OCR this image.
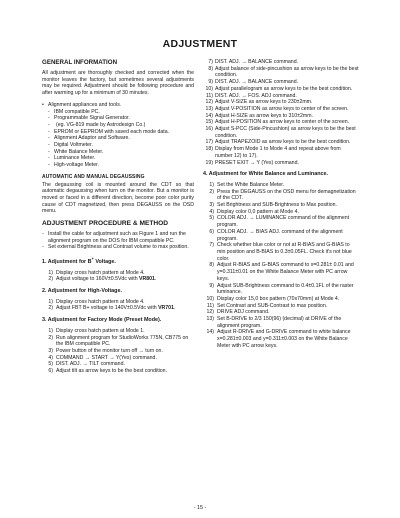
ADJUSTMENT
GENERAL INFORMATION

All adjustment are thoroughly checked and corrected when the monitor leaves the factory, but sometimes several adjustments may be required. Adjustment should be following procedure and after warming up for a minimum of 30 minutes.

• Alignment appliances and tools.
- IBM compatible PC.
- Programmable Signal Generator.
- (eg. VG-819 made by Astrodesign Co.)
- EPROM or EEPROM with saved each mode data.
- Alignment Adaptor and Software.
- Digital Voltmeter.
- White Balance Meter.
- Luminance Meter.
- High-voltage Meter.
AUTOMATIC AND MANUAL DEGAUSSING

The degaussing coil is mounted around the CDT so that automatic degaussing when turn on the monitor. But a monitor is moved or faced in a different direction, become poor color purity cause of CDT magnetized, then press DEGAUSS on the OSD menu.

ADJUSTMENT PROCEDURE & METHOD
- Install the cable for adjustment such as Figure 1 and run the alignment program on the DOS for IBM compatible PC.
- Set external Brightness and Contrast volume to max position.
1. Adjustment for B+ Voltage.
1) Display cross hatch pattern at Mode 4.
2) Adjust voltage to 160V±0.5Vdc with VR801.
2. Adjustment for High-Voltage.
1) Display cross hatch pattern at Mode 4.
2) Adjust FBT B+ voltage to 140V±0.5Vdc with VR701.
3. Adjustment for Factory Mode (Preset Mode).
1) Display cross hatch pattern at Mode 1.
2) Run alignment program for StudioWorks 775N, CB775 on the IBM compatible PC.
3) Power button of the monitor turn off → turn on.
4) COMMAND → START → Y(Yes) command.
5) DIST. ADJ. → TILT command.
6) Adjust tilt as arrow keys to be the best condition.
7) DIST. ADJ. → BALANCE command.
8) Adjust balance of side-pincushion as arrow keys to be the best condition.
9) DIST. ADJ. → BALANCE command.
10) Adjust parallelogram as arrow keys to be the best condition.
11) DIST. ADJ. → FOS. ADJ command.
12) Adjust V-SIZE as arrow keys to 230±2mm.
13) Adjust V-POSITION as arrow keys to center of the screen.
14) Adjust H-SIZE as arrow keys to 310±2mm.
15) Adjust H-POSITION as arrow keys to center of the screen.
16) Adjust S-PCC (Side-Pincushion) as arrow keys to be the best condition.
17) Adjust TRAPEZOID as arrow keys to be the best condition.
18) Display from Mode 1 to Mode 4 and repeat above from number 12) to 17).
19) PRESET EXIT → Y (Yes) command.
4. Adjustment for White Balance and Luminance.
1) Set the White Balance Meter.
2) Press the DEGAUSS on the OSD menu for demagnetization of the CDT.
3) Set Brightness and SUB-Brightness to Max position.
4) Display color 0,0 pattern at Mode 4.
5) COLOR ADJ. → LUMINANCE command of the alignment program.
6) COLOR ADJ. → BIAS ADJ. command of the alignment program.
7) Check whether blue color or not at R-BIAS and G-BIAS to min position and B-BIAS to 0.3±0.05FL. Check it's not blue color.
8) Adjust R-BIAS and G-BIAS command to x=0.281± 0.01 and y=0.311±0.01 on the White Balance Meter with PC arrow keys.
9) Adjust SUB-Brightness command to 0.4±0.1FL of the raster luminance.
10) Display color 15,0 box pattern (70x70mm) at Mode 4.
11) Set Contrast and SUB-Contrast to max position.
12) DRIVE ADJ command.
13) Set B-DRIVE to 2/3 150(96) (decimal) at DRIVE of the alignment program.
14) Adjust R-DRIVE and G-DRIVE command to white balance x=0.281±0.003 and y=0.311±0.003 on the White Balance Meter with PC arrow keys.
- 15 -
